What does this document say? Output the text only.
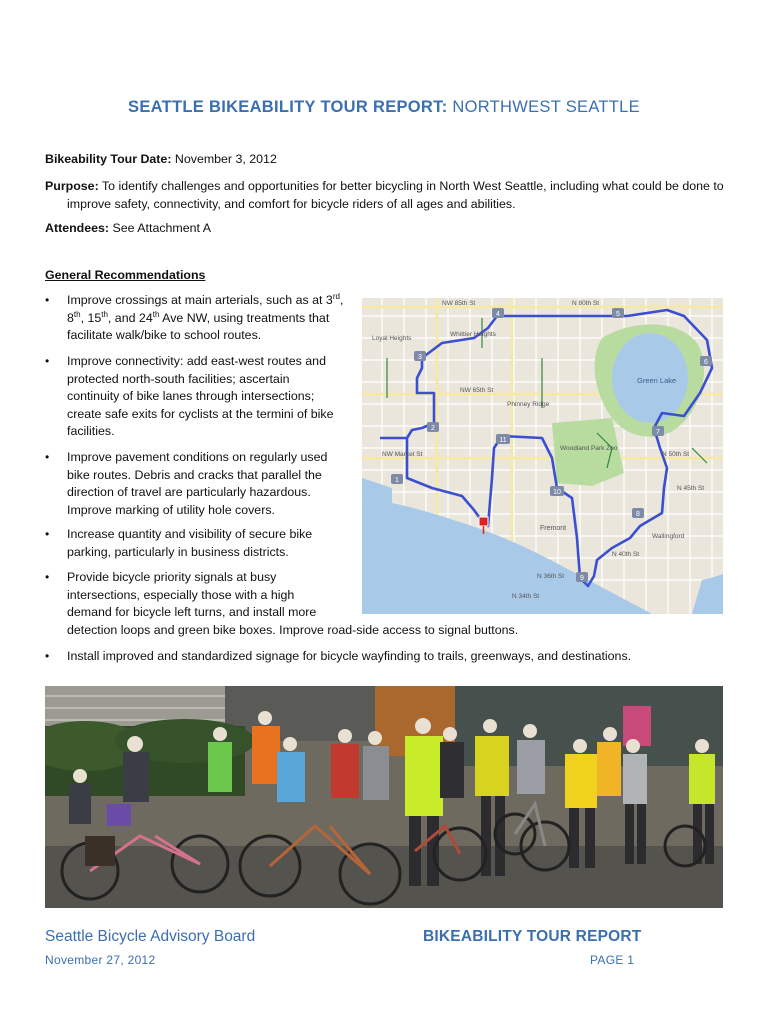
SEATTLE BIKEABILITY TOUR REPORT: NORTHWEST SEATTLE
Bikeability Tour Date: November 3, 2012
Purpose: To identify challenges and opportunities for better bicycling in North West Seattle, including what could be done to improve safety, connectivity, and comfort for bicycle riders of all ages and abilities.
Attendees: See Attachment A
General Recommendations
• Improve crossings at main arterials, such as at 3rd,
8th, 15th, and 24th Ave NW, using treatments that
facilitate walk/bike to school routes.
• Improve connectivity: add east-west routes and
protected north-south facilities; ascertain
continuity of bike lanes through intersections;
create safe exits for cyclists at the termini of bike
facilities.
• Improve pavement conditions on regularly used
bike routes. Debris and cracks that parallel the
direction of travel are particularly hazardous.
Improve marking of utility hole covers.
• Increase quantity and visibility of secure bike
parking, particularly in business districts.
• Provide bicycle priority signals at busy
intersections, especially those with a high
demand for bicycle left turns, and install more
detection loops and green bike boxes. Improve road-side access to signal buttons.
• Install improved and standardized signage for bicycle wayfinding to trails, greenways, and destinations.
1
2
3
4	5
6
7
8
9
10
11
Green Lake
Fremont
Phinney Ridge
Woodland Park Zoo
Whittier Heights
Loyal Heights
Wallingford
NW 85th St	N 80th St
NW 65th St
NW Market St	N 50th St
N 45th St
N 40th St
N 36th St
N 34th St
Seattle Bicycle Advisory Board	BIKEABILITY TOUR REPORT
November 27, 2012	PAGE 1
